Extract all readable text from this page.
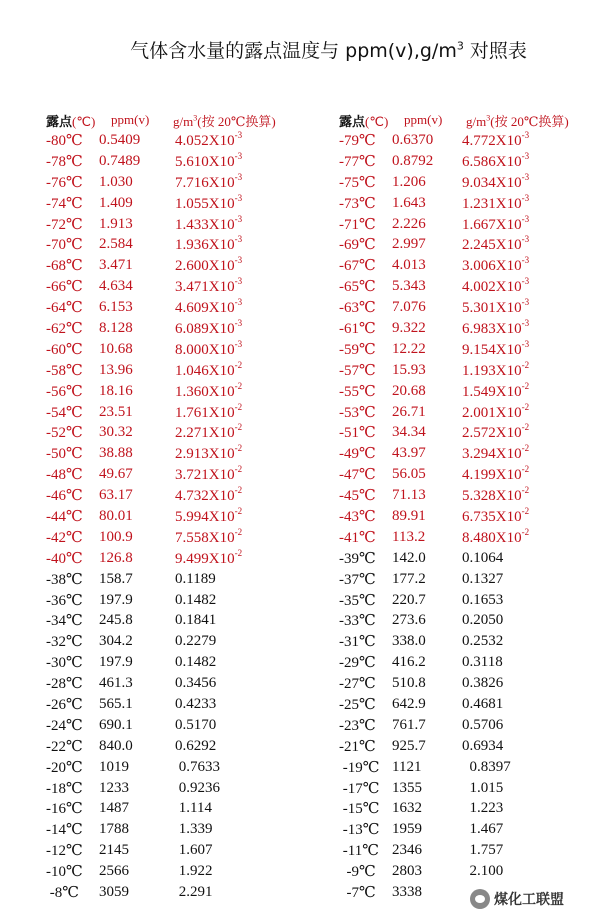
气体含水量的露点温度与 $ppm(v),g/m^3$ 对照表
露点(℃)	ppm(v)	$g/m^3$(按 20℃换算)
-80℃	0.5409	$4.052X10^{-3}$
-78℃	0.7489	$5.610X10^{-3}$
-76℃	1.030	$7.716X10^{-3}$
-74℃	1.409	$1.055X10^{-3}$
-72℃	1.913	$1.433X10^{-3}$
-70℃	2.584	$1.936X10^{-3}$
-68℃	3.471	$2.600X10^{-3}$
-66℃	4.634	$3.471X10^{-3}$
-64℃	6.153	$4.609X10^{-3}$
-62℃	8.128	$6.089X10^{-3}$
-60℃	10.68	$8.000X10^{-3}$
-58℃	13.96	$1.046X10^{-2}$
-56℃	18.16	$1.360X10^{-2}$
-54℃	23.51	$1.761X10^{-2}$
-52℃	30.32	$2.271X10^{-2}$
-50℃	38.88	$2.913X10^{-2}$
-48℃	49.67	$3.721X10^{-2}$
-46℃	63.17	$4.732X10^{-2}$
-44℃	80.01	$5.994X10^{-2}$
-42℃	100.9	$7.558X10^{-2}$
-40℃	126.8	$9.499X10^{-2}$
-38℃	158.7	0.1189
-36℃	197.9	0.1482
-34℃	245.8	0.1841
-32℃	304.2	0.2279
-30℃	197.9	0.1482
-28℃	461.3	0.3456
-26℃	565.1	0.4233
-24℃	690.1	0.5170
-22℃	840.0	0.6292
-20℃	1019	0.7633
-18℃	1233	0.9236
-16℃	1487	1.114
-14℃	1788	1.339
-12℃	2145	1.607
-10℃	2566	1.922
-8℃	3059	2.291
露点(℃)	ppm(v)	$g/m^3$(按 20℃换算)
-79℃	0.6370	$4.772X10^{-3}$
-77℃	0.8792	$6.586X10^{-3}$
-75℃	1.206	$9.034X10^{-3}$
-73℃	1.643	$1.231X10^{-3}$
-71℃	2.226	$1.667X10^{-3}$
-69℃	2.997	$2.245X10^{-3}$
-67℃	4.013	$3.006X10^{-3}$
-65℃	5.343	$4.002X10^{-3}$
-63℃	7.076	$5.301X10^{-3}$
-61℃	9.322	$6.983X10^{-3}$
-59℃	12.22	$9.154X10^{-3}$
-57℃	15.93	$1.193X10^{-2}$
-55℃	20.68	$1.549X10^{-2}$
-53℃	26.71	$2.001X10^{-2}$
-51℃	34.34	$2.572X10^{-2}$
-49℃	43.97	$3.294X10^{-2}$
-47℃	56.05	$4.199X10^{-2}$
-45℃	71.13	$5.328X10^{-2}$
-43℃	89.91	$6.735X10^{-2}$
-41℃	113.2	$8.480X10^{-2}$
-39℃	142.0	0.1064
-37℃	177.2	0.1327
-35℃	220.7	0.1653
-33℃	273.6	0.2050
-31℃	338.0	0.2532
-29℃	416.2	0.3118
-27℃	510.8	0.3826
-25℃	642.9	0.4681
-23℃	761.7	0.5706
-21℃	925.7	0.6934
-19℃ 1121	0.8397
-17℃ 1355	1.015
-15℃ 1632	1.223
-13℃ 1959	1.467
-11℃ 2346	1.757
-9℃	2803	2.100
-7℃	3338	煤化工联盟
